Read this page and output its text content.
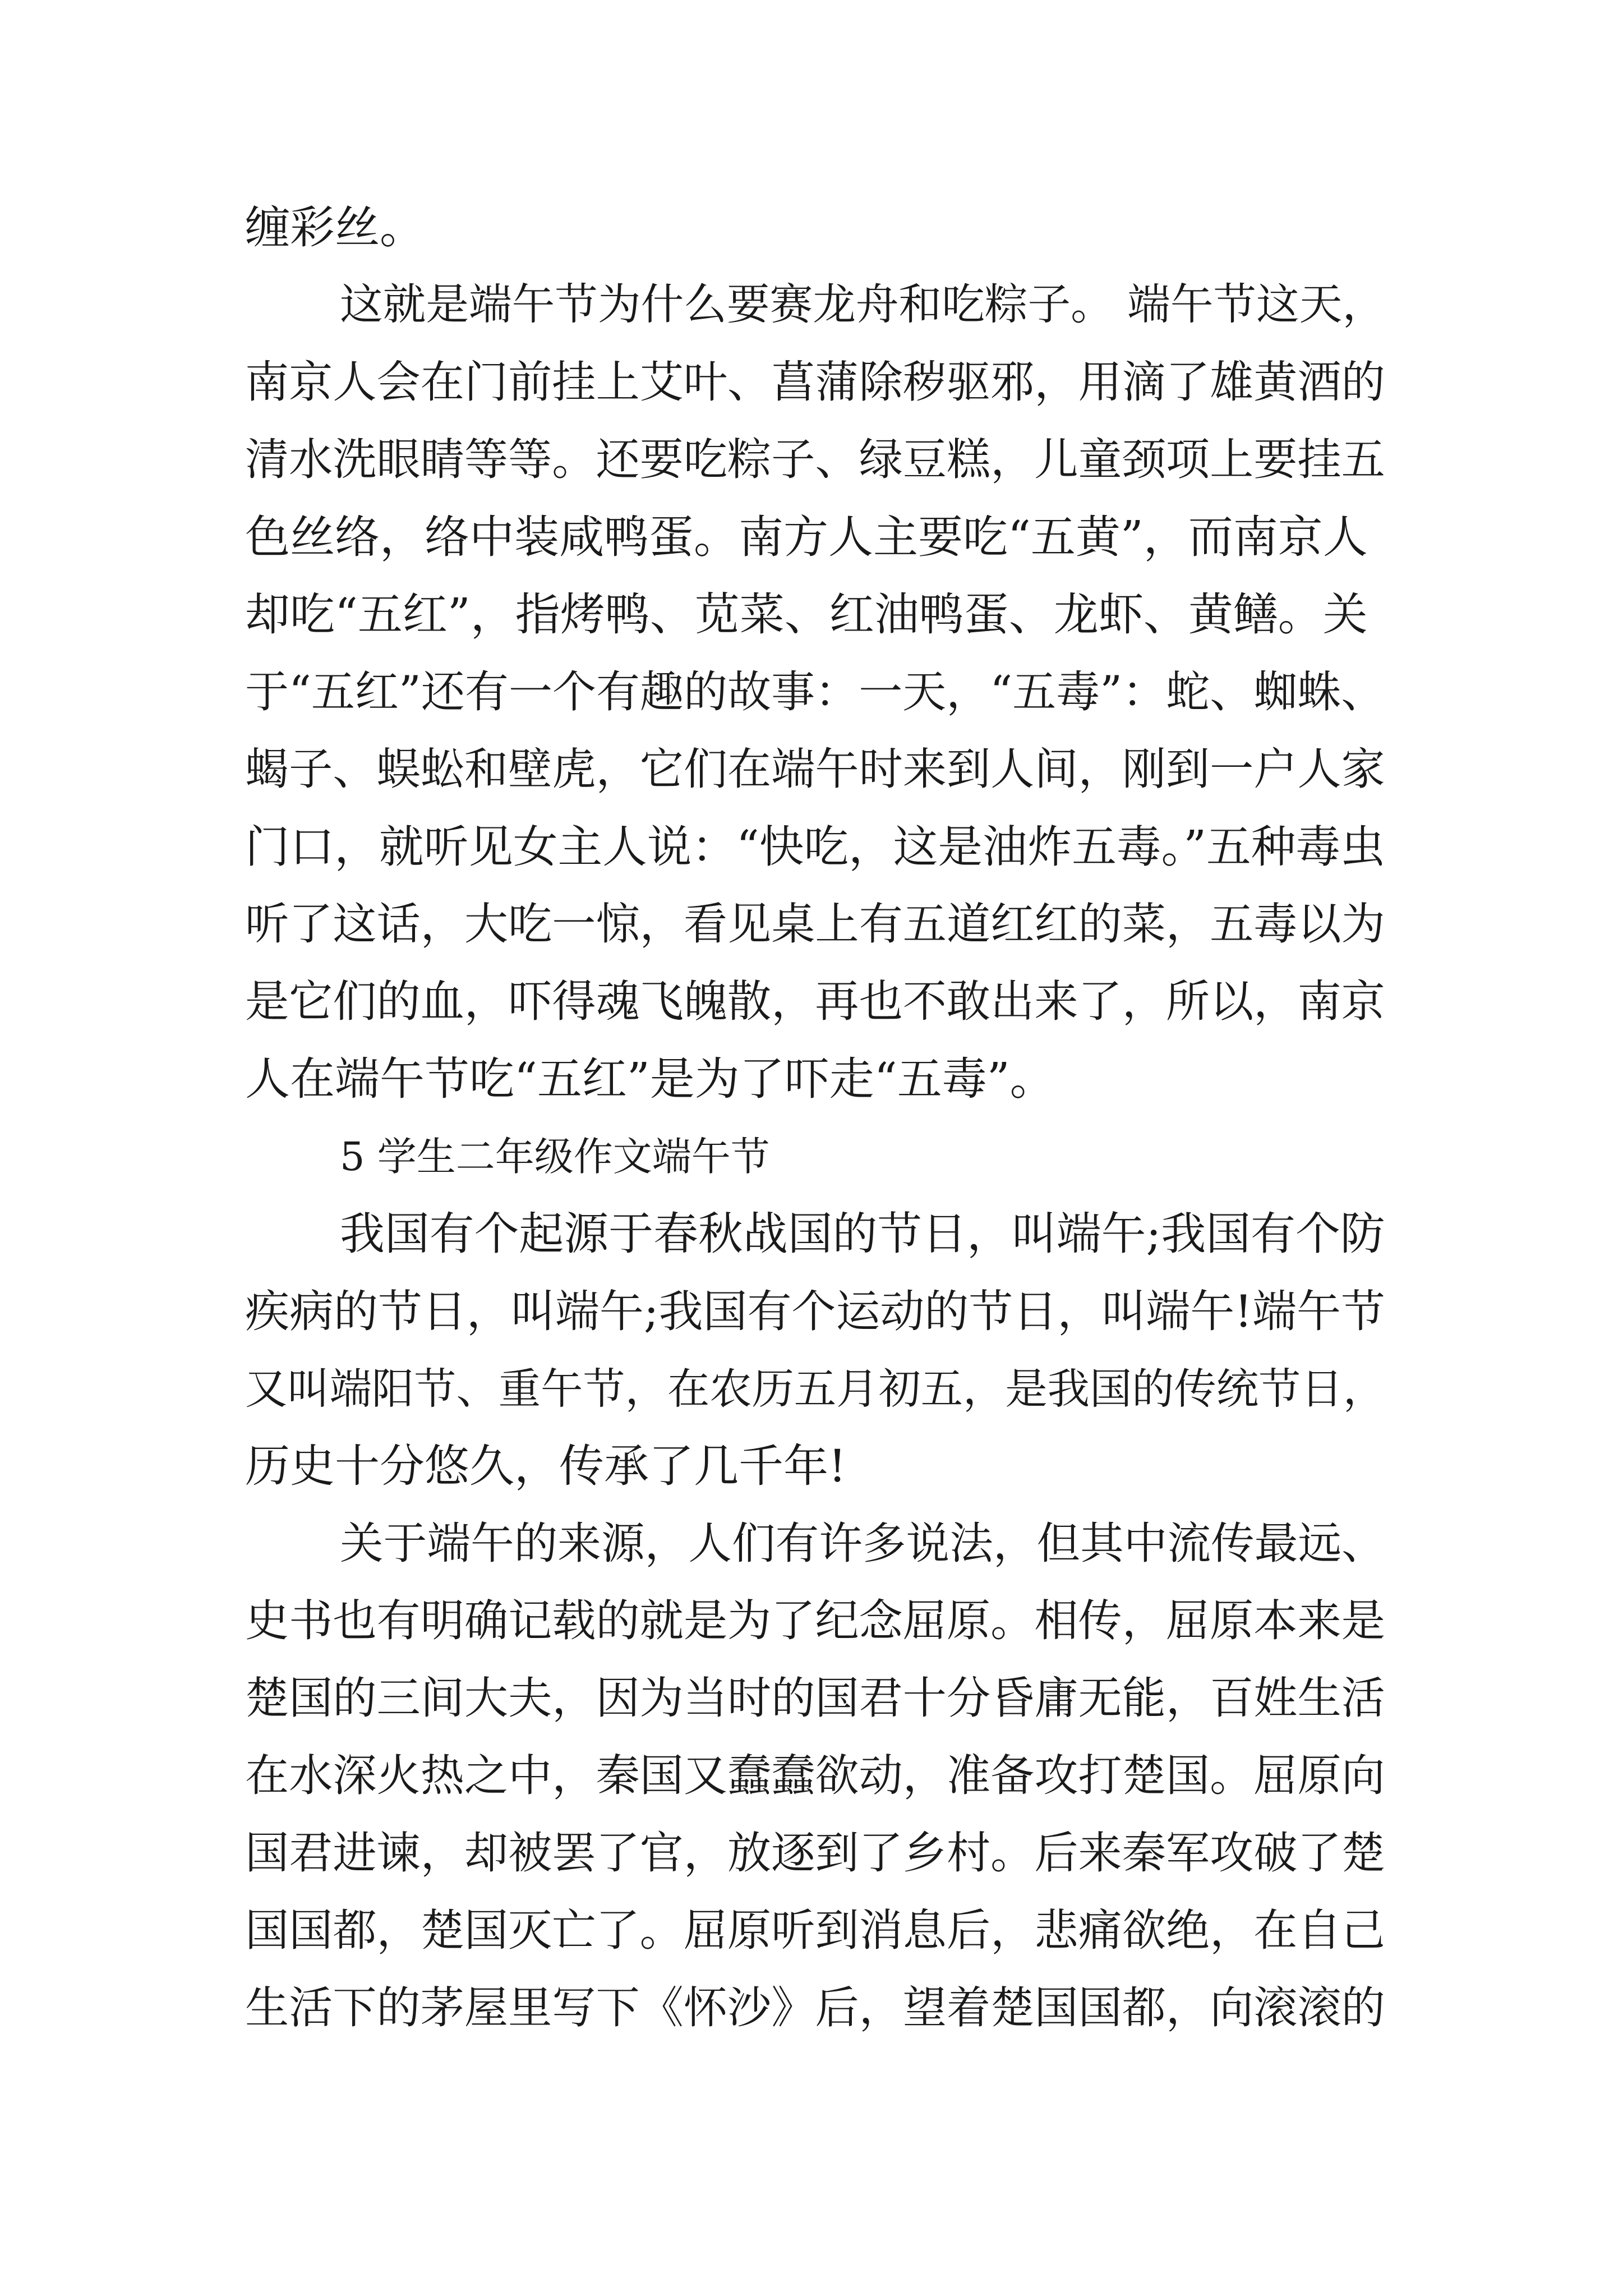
缠彩丝。
这就是端午节为什么要赛龙舟和吃粽子。 端午节这天，
南京人会在门前挂上艾叶、菖蒲除秽驱邪，用滴了雄黄酒的
清水洗眼睛等等。还要吃粽子、绿豆糕，儿童颈项上要挂五
色丝络，络中装咸鸭蛋。南方人主要吃“五黄”，而南京人
却吃“五红”，指烤鸭、苋菜、红油鸭蛋、龙虾、黄鳝。关
于“五红”还有一个有趣的故事：一天，“五毒”：蛇、蜘蛛、
蝎子、蜈蚣和壁虎，它们在端午时来到人间，刚到一户人家
门口，就听见女主人说：“快吃，这是油炸五毒。”五种毒虫
听了这话，大吃一惊，看见桌上有五道红红的菜，五毒以为
是它们的血，吓得魂飞魄散，再也不敢出来了，所以，南京
人在端午节吃“五红”是为了吓走“五毒”。
5 学生二年级作文端午节
我国有个起源于春秋战国的节日，叫端午;我国有个防
疾病的节日，叫端午;我国有个运动的节日，叫端午!端午节
又叫端阳节、重午节，在农历五月初五，是我国的传统节日，
历史十分悠久，传承了几千年!
关于端午的来源，人们有许多说法，但其中流传最远、
史书也有明确记载的就是为了纪念屈原。相传，屈原本来是
楚国的三间大夫，因为当时的国君十分昏庸无能，百姓生活
在水深火热之中，秦国又蠢蠢欲动，准备攻打楚国。屈原向
国君进谏，却被罢了官，放逐到了乡村。后来秦军攻破了楚
国国都，楚国灭亡了。屈原听到消息后，悲痛欲绝，在自己
生活下的茅屋里写下《怀沙》后，望着楚国国都，向滚滚的
